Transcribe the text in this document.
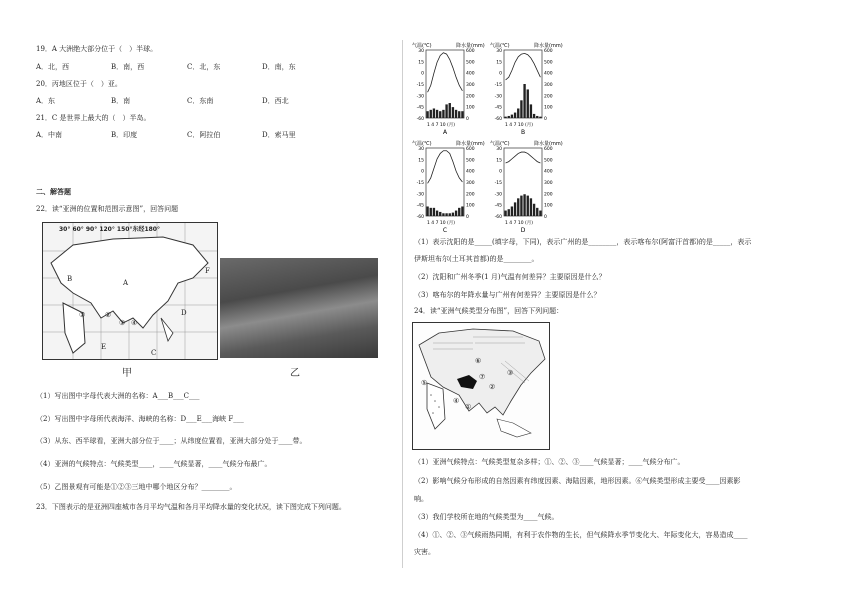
19．A 大洲绝大部分位于（　）半球。
A．北，西	B．南，西	C．北，东	D．南，东
20．丙地区位于（　）亚。
A．东	B．南	C．东南	D．西北
21．C 是世界上最大的（　）半岛。
A．中南	B．印度	C．阿拉伯	D．索马里
二、解答题
22．读“亚洲的位置和范围示意图”，回答问题
30° 60° 90° 120° 150°东经180°
A
B
C
D
E
F
①	②
③ ④
甲	乙
（1）写出图中字母代表大洲的名称：A___B___C___
（2）写出图中字母所代表海洋、海峡的名称：D___E___海峡 F___
（3）从东、西半球看，亚洲大部分位于____；从纬度位置看，亚洲大部分处于____带。
（4）亚洲的气候特点：气候类型____，____气候显著，____气候分布最广。
（5）乙图景观有可能是①②③三地中哪个地区分布？________。
23．下图表示的是亚洲四座城市各月平均气温和各月平均降水量的变化状况，读下图完成下列问题。
A
1 4 7 10 (月)
30
15
0
-15
-30
-45
-60
600
500
400
300
200
100
0
气温(℃)	降水量(mm)
B
1 4 7 10 (月)
30
15
0
-15
-30
-45
-60
600
500
400
300
200
100
0
气温(℃)	降水量(mm)
C
1 4 7 10 (月)
30
15
0
-15
-30
-45
-60
600
500
400
300
200
100
0
气温(℃)	降水量(mm)
D
1 4 7 10 (月)
30
15
0
-15
-30
-45
-60
600
500
400
300
200
100
0
气温(℃)	降水量(mm)
（1）表示沈阳的是_____(填字母，下同)，表示广州的是________，表示喀布尔(阿富汗首都)的是_____，表示
伊斯坦布尔(土耳其首都)的是________。
（2）沈阳和广州冬季(1 月)气温有何差异？主要原因是什么？
（3）喀布尔的年降水量与广州有何差异？主要原因是什么？
24．读“亚洲气候类型分布图”，回答下列问题：
①
②
③
④
⑤
⑥
⑦
（1）亚洲气候特点：气候类型复杂多样；①、②、③____气候显著；____气候分布广。
（2）影响气候分布形成的自然因素有纬度因素、海陆因素，地形因素。⑥气候类型形成主要受____因素影
响。
（3）我们学校所在地的气候类型为____气候。
（4）①、②、③气候雨热同期，有利于农作物的生长，但气候降水季节变化大、年际变化大，容易造成____
灾害。
